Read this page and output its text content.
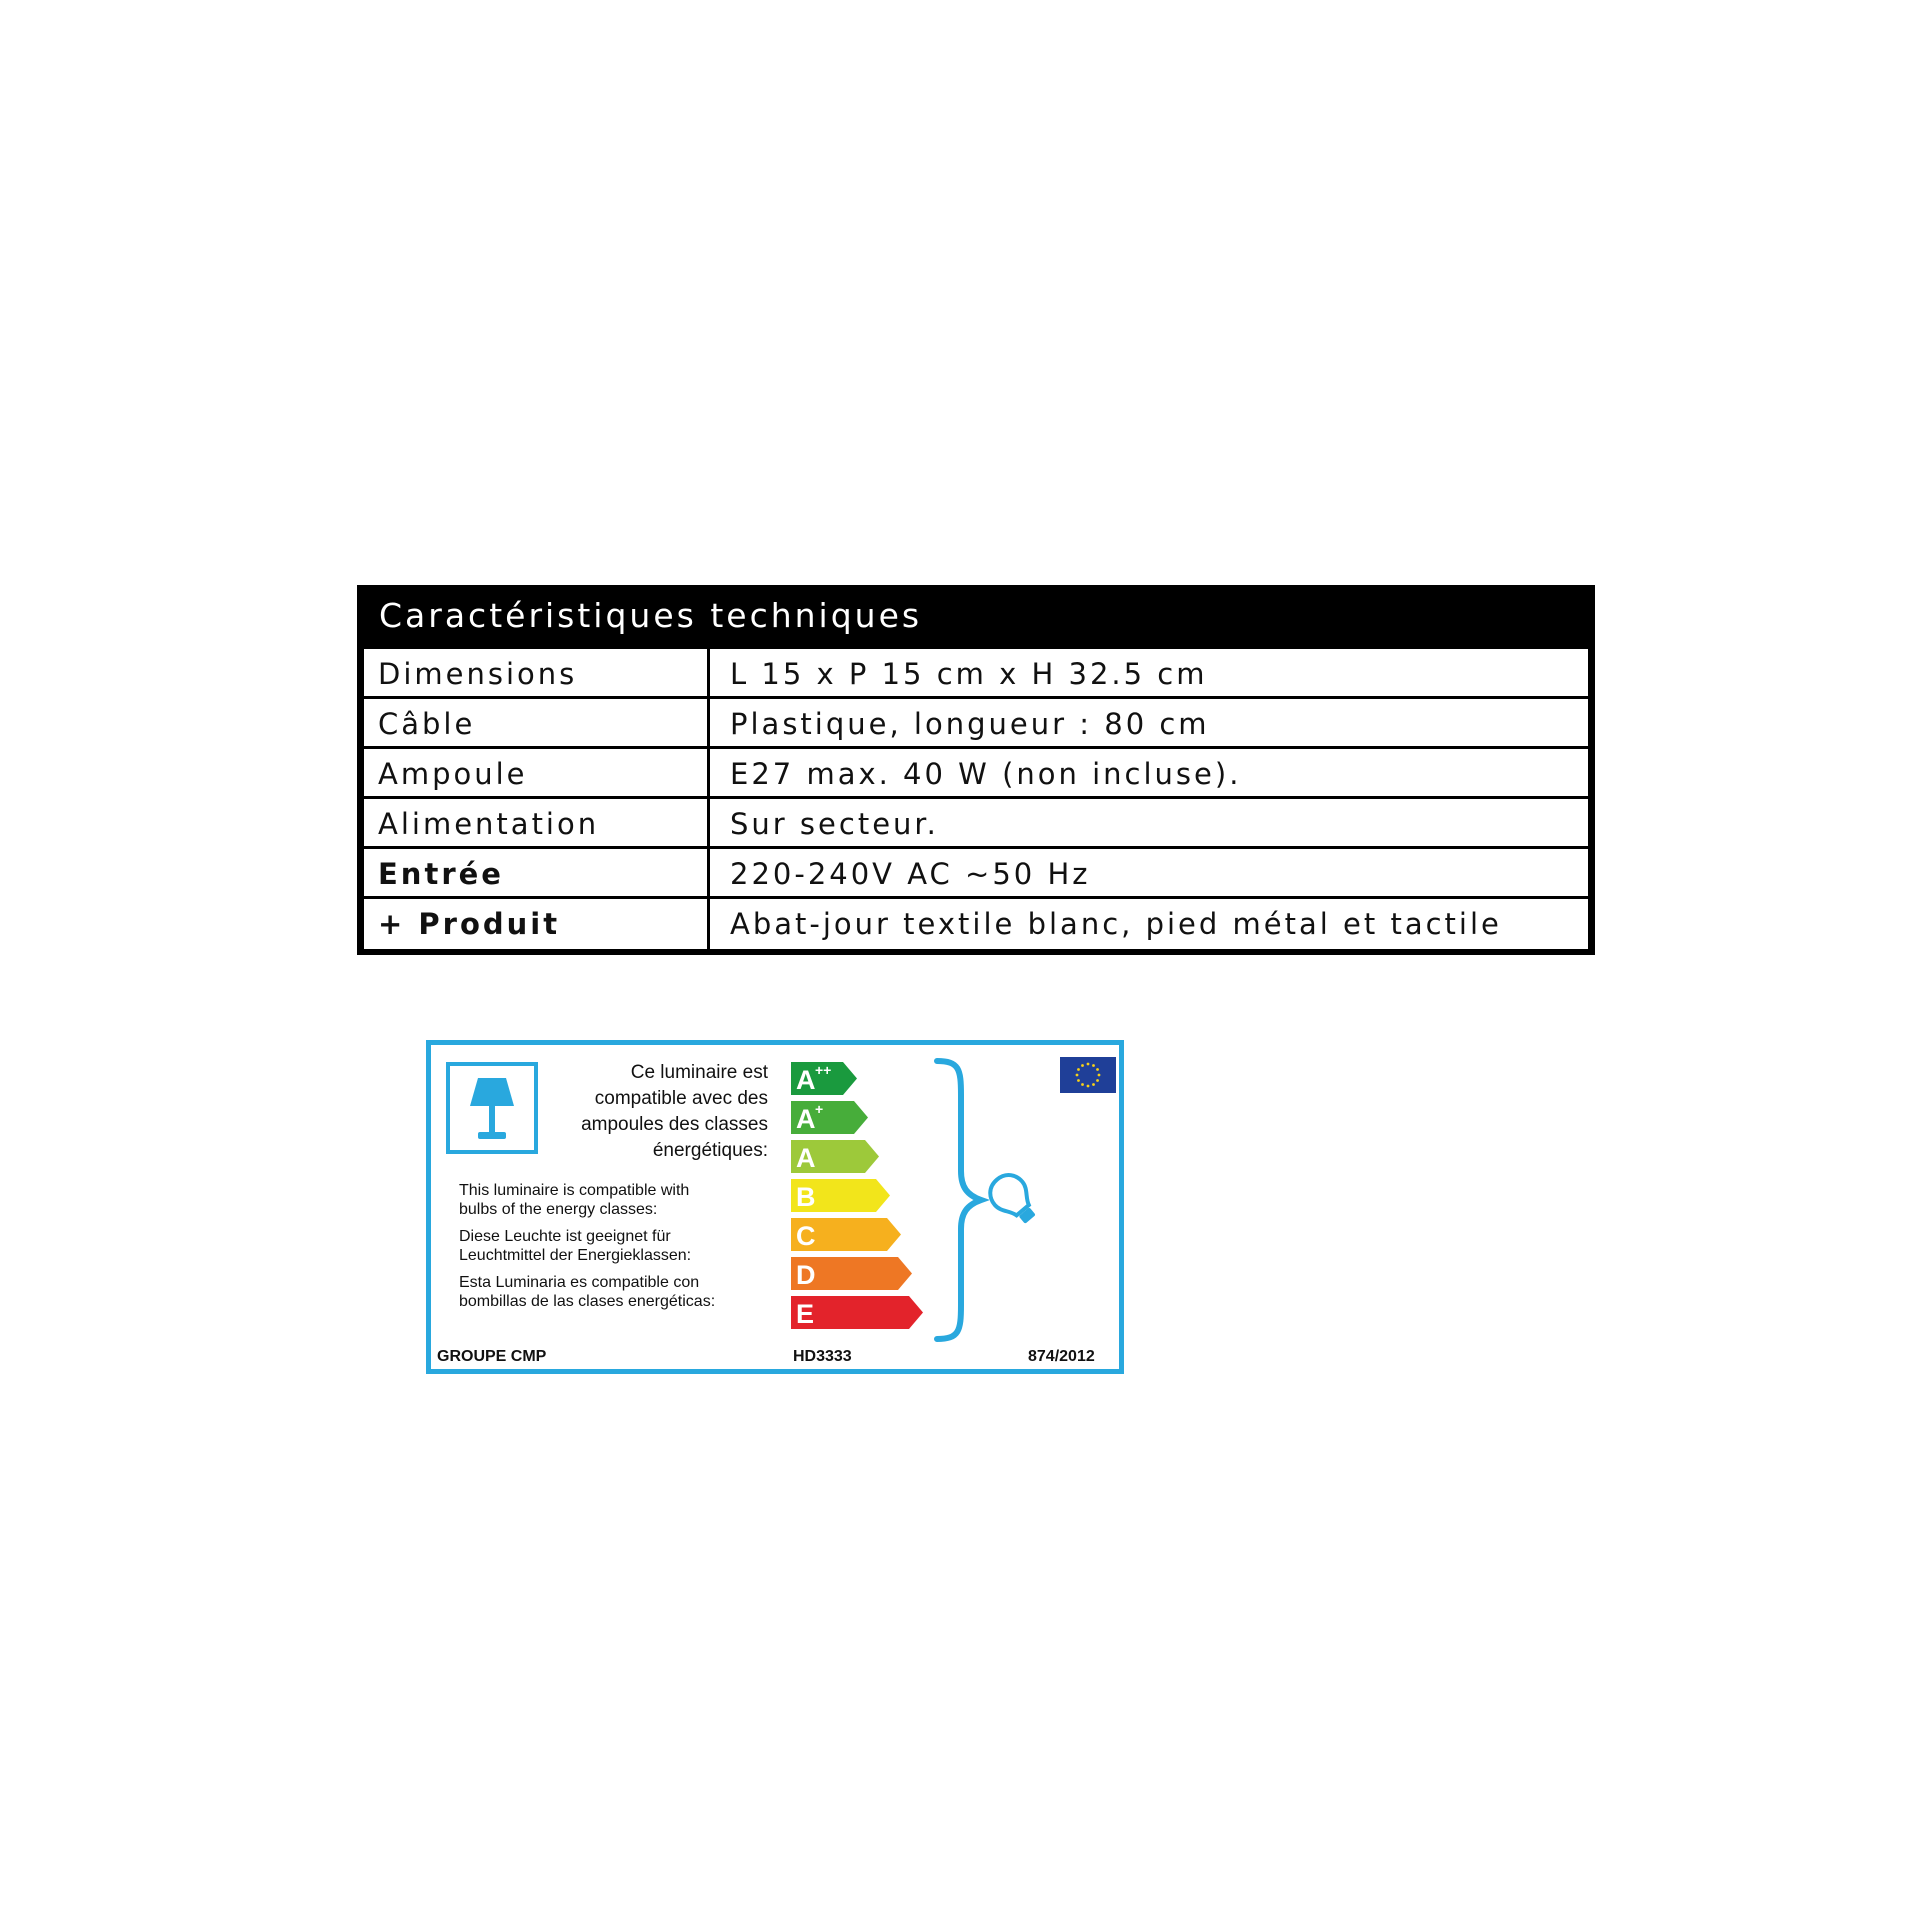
Caractéristiques techniques
Dimensions	L 15 x P 15 cm x H 32.5 cm
Câble	Plastique, longueur : 80 cm
Ampoule	E27 max. 40 W (non incluse).
Alimentation	Sur secteur.
Entrée	220-240V AC ~50 Hz
+ Produit	Abat-jour textile blanc, pied métal et tactile
Ce luminaire est
compatible avec des
ampoules des classes
énergétiques:
This luminaire is compatible with
bulbs of the energy classes:
Diese Leuchte ist geeignet für
Leuchtmittel der Energieklassen:
Esta Luminaria es compatible con
bombillas de las clases energéticas:
A ++
A +
A
B
C
D
E
GROUPE CMP	HD3333	874/2012
